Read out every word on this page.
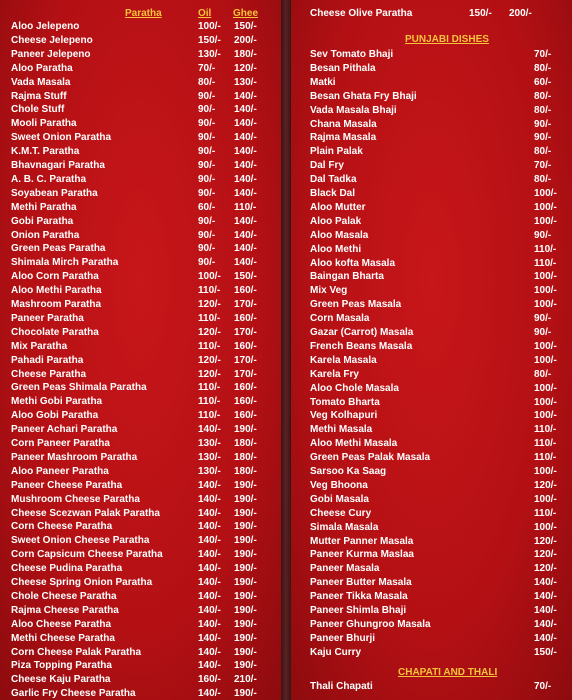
Paratha	Oil Ghee
Aloo Jelepeno	100/- 150/-
Cheese Jelepeno	150/- 200/-
Paneer Jelepeno	130/- 180/-
Aloo Paratha	70/- 120/-
Vada Masala	80/- 130/-
Rajma Stuff	90/- 140/-
Chole Stuff	90/- 140/-
Mooli Paratha	90/- 140/-
Sweet Onion Paratha	90/- 140/-
K.M.T. Paratha	90/- 140/-
Bhavnagari Paratha	90/- 140/-
A. B. C. Paratha	90/- 140/-
Soyabean Paratha	90/- 140/-
Methi Paratha	60/- 110/-
Gobi Paratha	90/- 140/-
Onion Paratha	90/- 140/-
Green Peas Paratha	90/- 140/-
Shimala Mirch Paratha	90/- 140/-
Aloo Corn Paratha	100/- 150/-
Aloo Methi Paratha	110/- 160/-
Mashroom Paratha	120/- 170/-
Paneer Paratha	110/- 160/-
Chocolate Paratha	120/- 170/-
Mix Paratha	110/- 160/-
Pahadi Paratha	120/- 170/-
Cheese Paratha	120/- 170/-
Green Peas Shimala Paratha	110/- 160/-
Methi Gobi Paratha	110/- 160/-
Aloo Gobi Paratha	110/- 160/-
Paneer Achari Paratha	140/- 190/-
Corn Paneer Paratha	130/- 180/-
Paneer Mashroom Paratha	130/- 180/-
Aloo Paneer Paratha	130/- 180/-
Paneer Cheese Paratha	140/- 190/-
Mushroom Cheese Paratha	140/- 190/-
Cheese Scezwan Palak Paratha	140/- 190/-
Corn Cheese Paratha	140/- 190/-
Sweet Onion Cheese Paratha	140/- 190/-
Corn Capsicum Cheese Paratha	140/- 190/-
Cheese Pudina Paratha	140/- 190/-
Cheese Spring Onion Paratha	140/- 190/-
Chole Cheese Paratha	140/- 190/-
Rajma Cheese Paratha	140/- 190/-
Aloo Cheese Paratha	140/- 190/-
Methi Cheese Paratha	140/- 190/-
Corn Cheese Palak Paratha	140/- 190/-
Piza Topping Paratha	140/- 190/-
Cheese Kaju Paratha	160/- 210/-
Garlic Fry Cheese Paratha	140/- 190/-
Cheese Olive Paratha	150/- 200/-
PUNJABI DISHES
Sev Tomato Bhaji	70/-
Besan Pithala	80/-
Matki	60/-
Besan Ghata Fry Bhaji	80/-
Vada Masala Bhaji	80/-
Chana Masala	90/-
Rajma Masala	90/-
Plain Palak	80/-
Dal Fry	70/-
Dal Tadka	80/-
Black Dal	100/-
Aloo Mutter	100/-
Aloo Palak	100/-
Aloo Masala	90/-
Aloo Methi	110/-
Aloo kofta Masala	110/-
Baingan Bharta	100/-
Mix Veg	100/-
Green Peas Masala	100/-
Corn Masala	90/-
Gazar (Carrot) Masala	90/-
French Beans Masala	100/-
Karela Masala	100/-
Karela Fry	80/-
Aloo Chole Masala	100/-
Tomato Bharta	100/-
Veg Kolhapuri	100/-
Methi Masala	110/-
Aloo Methi Masala	110/-
Green Peas Palak Masala	110/-
Sarsoo Ka Saag	100/-
Veg Bhoona	120/-
Gobi Masala	100/-
Cheese Cury	110/-
Simala Masala	100/-
Mutter Panner Masala	120/-
Paneer Kurma Maslaa	120/-
Paneer Masala	120/-
Paneer Butter Masala	140/-
Paneer Tikka Masala	140/-
Paneer Shimla Bhaji	140/-
Paneer Ghungroo Masala	140/-
Paneer Bhurji	140/-
Kaju Curry	150/-
CHAPATI AND THALI
Thali Chapati	70/-
